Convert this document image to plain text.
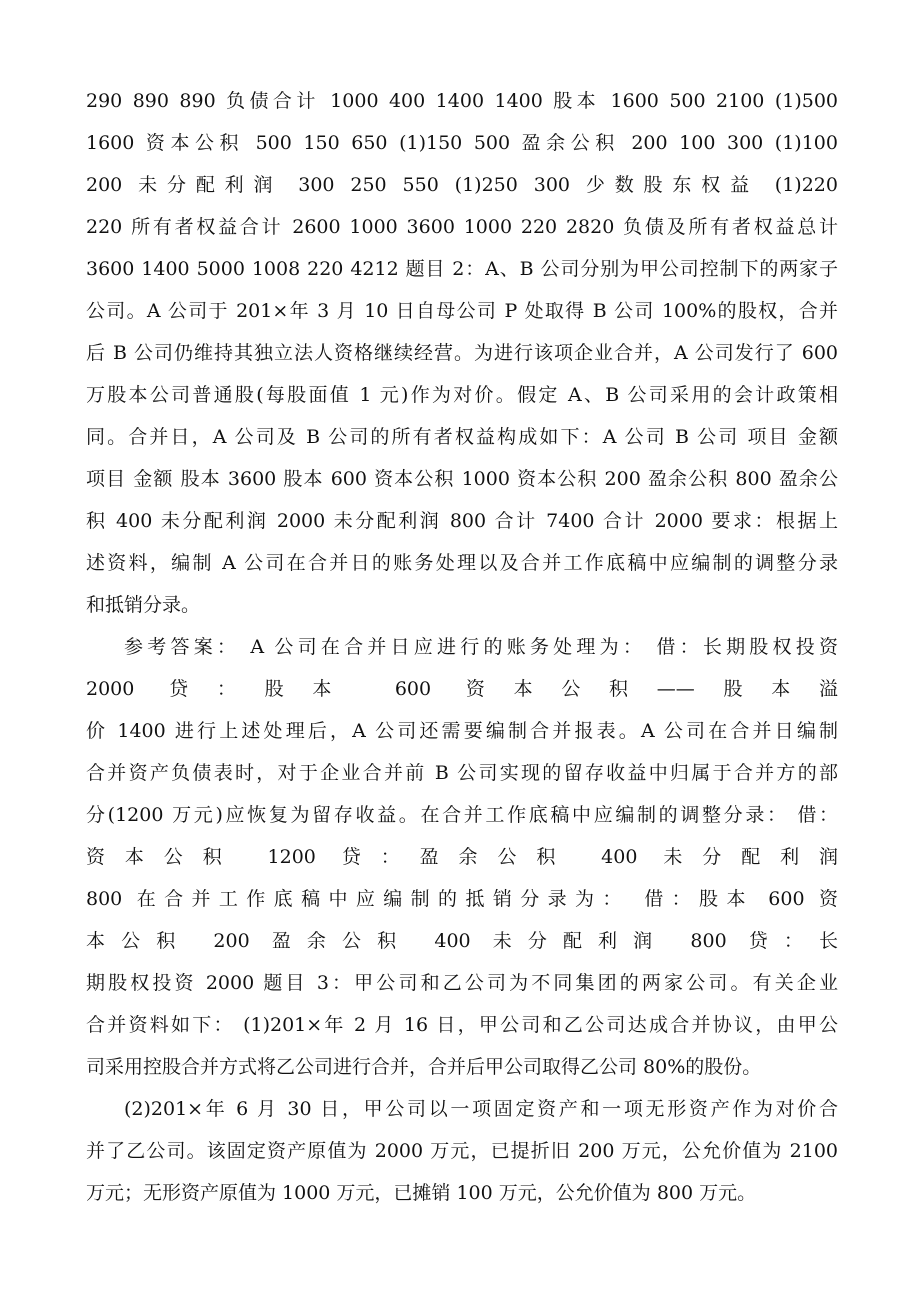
290 890 890 负债合计 1000 400 1400 1400 股本 1600 500 2100 (1)500
1600 资本公积 500 150 650 (1)150 500 盈余公积 200 100 300 (1)100
200 未分配利润 300 250 550 (1)250 300 少数股东权益 (1)220
220 所有者权益合计 2600 1000 3600 1000 220 2820 负债及所有者权益总计
3600 1400 5000 1008 220 4212 题目 2：A、B 公司分别为甲公司控制下的两家子
公司。A 公司于 201×年 3 月 10 日自母公司 P 处取得 B 公司 100%的股权，合并
后 B 公司仍维持其独立法人资格继续经营。为进行该项企业合并，A 公司发行了 600
万股本公司普通股(每股面值 1 元)作为对价。假定 A、B 公司采用的会计政策相
同。合并日，A 公司及 B 公司的所有者权益构成如下：A 公司 B 公司 项目 金额
项目 金额 股本 3600 股本 600 资本公积 1000 资本公积 200 盈余公积 800 盈余公
积 400 未分配利润 2000 未分配利润 800 合计 7400 合计 2000 要求：根据上
述资料，编制 A 公司在合并日的账务处理以及合并工作底稿中应编制的调整分录
和抵销分录。
参考答案： A 公司在合并日应进行的账务处理为： 借：长期股权投资
2000 贷：股本 600 资本公积——股本溢
价 1400 进行上述处理后，A 公司还需要编制合并报表。A 公司在合并日编制
合并资产负债表时，对于企业合并前 B 公司实现的留存收益中归属于合并方的部
分(1200 万元)应恢复为留存收益。在合并工作底稿中应编制的调整分录： 借：
资本公积 1200 贷：盈余公积 400 未分配利润
800 在合并工作底稿中应编制的抵销分录为： 借：股本 600 资
本公积 200 盈余公积 400 未分配利润 800 贷：长
期股权投资 2000 题目 3：甲公司和乙公司为不同集团的两家公司。有关企业
合并资料如下： (1)201×年 2 月 16 日，甲公司和乙公司达成合并协议，由甲公
司采用控股合并方式将乙公司进行合并，合并后甲公司取得乙公司 80%的股份。
(2)201×年 6 月 30 日，甲公司以一项固定资产和一项无形资产作为对价合
并了乙公司。该固定资产原值为 2000 万元，已提折旧 200 万元，公允价值为 2100
万元；无形资产原值为 1000 万元，已摊销 100 万元，公允价值为 800 万元。
